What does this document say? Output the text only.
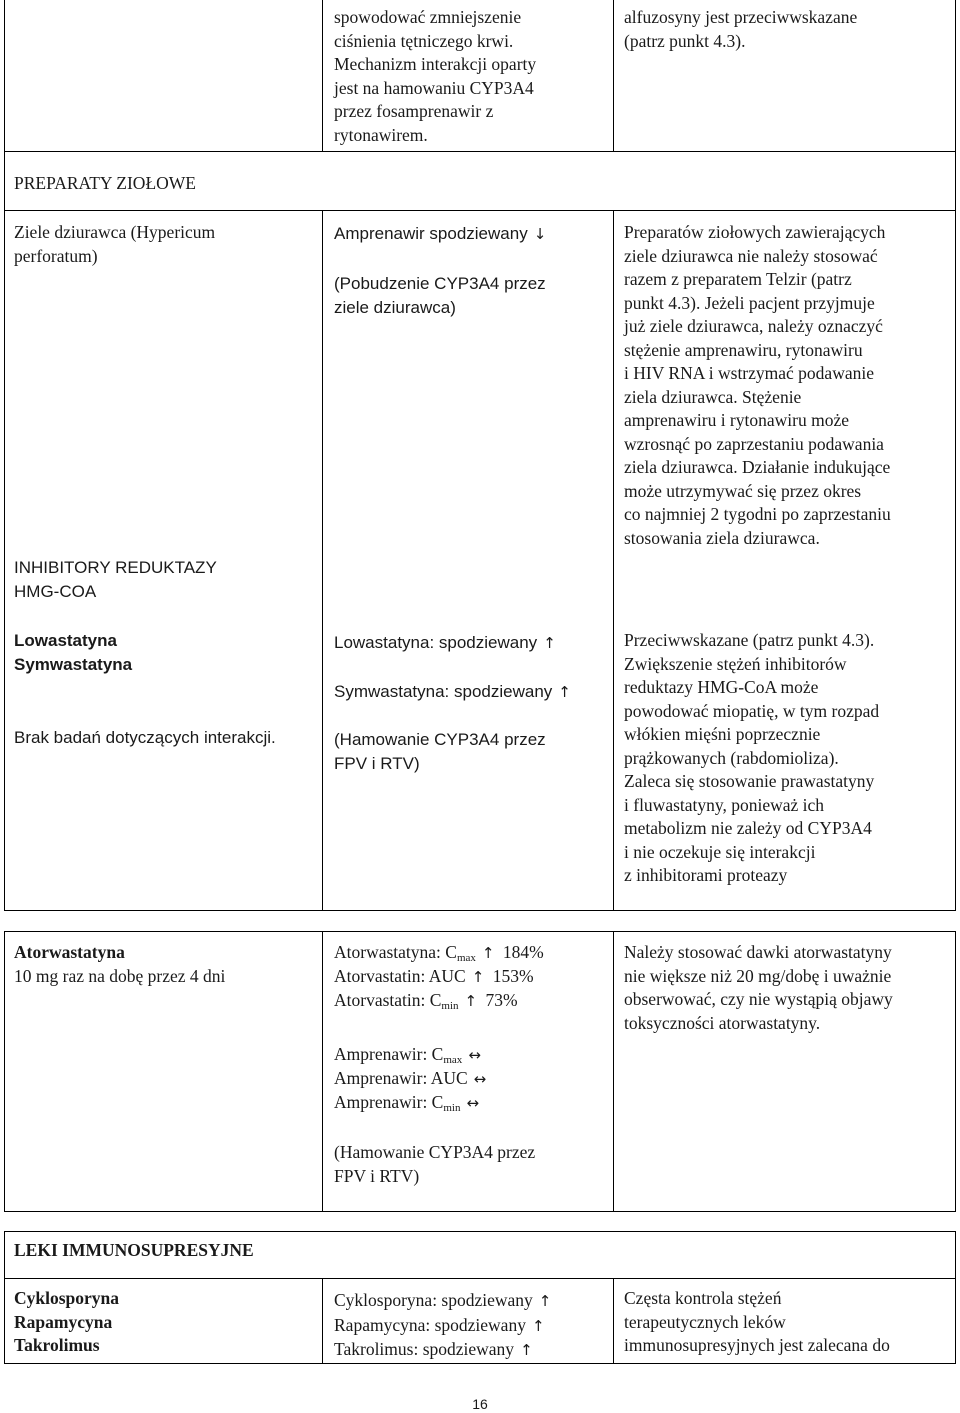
spowodować zmniejszenie
ciśnienia tętniczego krwi.
Mechanizm interakcji oparty
jest na hamowaniu CYP3A4
przez fosamprenawir z
rytonawirem.
alfuzosyny jest przeciwwskazane
(patrz punkt 4.3).
PREPARATY ZIOŁOWE
Ziele dziurawca (Hypericum
perforatum)
Amprenawir spodziewany ↓
(Pobudzenie CYP3A4 przez
ziele dziurawca)
Preparatów ziołowych zawierających
ziele dziurawca nie należy stosować
razem z preparatem Telzir (patrz
punkt 4.3). Jeżeli pacjent przyjmuje
już ziele dziurawca, należy oznaczyć
stężenie amprenawiru, rytonawiru
i HIV RNA i wstrzymać podawanie
ziela dziurawca. Stężenie
amprenawiru i rytonawiru może
wzrosnąć po zaprzestaniu podawania
ziela dziurawca. Działanie indukujące
może utrzymywać się przez okres
co najmniej 2 tygodni po zaprzestaniu
stosowania ziela dziurawca.
INHIBITORY REDUKTAZY
HMG-COA
Lowastatyna
Symwastatyna
Brak badań dotyczących interakcji.
Lowastatyna: spodziewany ↑
Symwastatyna: spodziewany ↑
(Hamowanie CYP3A4 przez
FPV i RTV)
Przeciwwskazane (patrz punkt 4.3).
Zwiększenie stężeń inhibitorów
reduktazy HMG-CoA może
powodować miopatię, w tym rozpad
włókien mięśni poprzecznie
prążkowanych (rabdomioliza).
Zaleca się stosowanie prawastatyny
i fluwastatyny, ponieważ ich
metabolizm nie zależy od CYP3A4
i nie oczekuje się interakcji
z inhibitorami proteazy
Atorwastatyna
10 mg raz na dobę przez 4 dni
Atorwastatyna: $C_{max}$ ↑ 184%
Atorvastatin: AUC ↑ 153%
Atorvastatin: $C_{min}$ ↑ 73%
Amprenawir: $C_{max}$ ↔
Amprenawir: AUC ↔
Amprenawir: $C_{min}$ ↔
(Hamowanie CYP3A4 przez
FPV i RTV)
Należy stosować dawki atorwastatyny
nie większe niż 20 mg/dobę i uważnie
obserwować, czy nie wystąpią objawy
toksyczności atorwastatyny.
LEKI IMMUNOSUPRESYJNE
Cyklosporyna
Rapamycyna
Takrolimus
Cyklosporyna: spodziewany ↑
Rapamycyna: spodziewany ↑
Takrolimus: spodziewany ↑
Częsta kontrola stężeń
terapeutycznych leków
immunosupresyjnych jest zalecana do
16
